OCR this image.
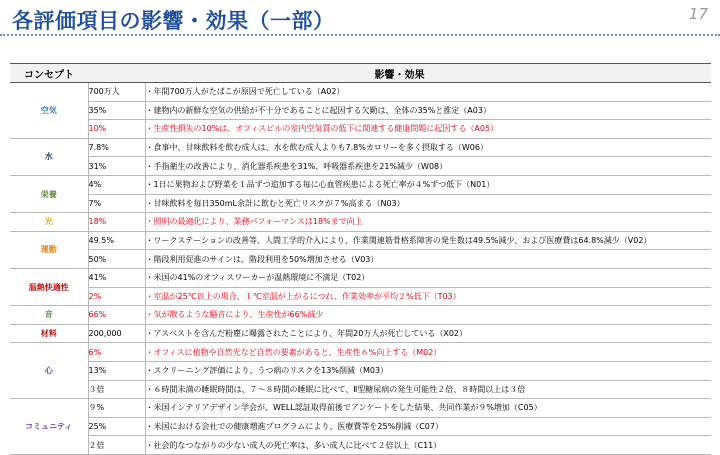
各評価項目の影響・効果（一部）	17
コンセプト	影響・効果	
空気	700万人	・年間700万人がたばこが原因で死亡している（A02）
	35%	・建物内の新鮮な空気の供給が不十分であることに起因する欠勤は、全体の35%と推定（A03）
	10%	・生産性損失の10%は、オフィスビルの室内空気質の低下に関連する健康問題に起因する（A05）
水	7.8%	・食事中、甘味飲料を飲む成人は、水を飲む成人よりも7.8%カロリーを多く摂取する（W06）
	31%	・手指衛生の改善により、消化器系疾患を31%、呼吸器系疾患を21%減少（W08）
栄養	4%	・1日に果物および野菜を１品ずつ追加する毎に心血管疾患による死亡率が４%ずつ低下（N01）
	7%	・甘味飲料を毎日350mL余計に飲むと死亡リスクが７%高まる（N03）
光	18%	・照明の最適化により、業務パフォーマンスは18%まで向上
運動	49.5%	・ワークステーションの改善等、人間工学的介入により、作業関連筋骨格系障害の発生数は49.5%減少、および医療費は64.8%減少（V02）
	50%	・階段利用促進のサインは、階段利用を50%増加させる（V03）
温熱快適性	41%	・米国の41%のオフィスワーカーが温熱環境に不満足（T02）
	2%	・室温が25℃以上の場合、１℃室温が上がるにつれ、作業効率が平均２%低下（T03）
音	66%	・気が散るような騒音により、生産性が66%減少
材料	200,000	・アスベストを含んだ粉塵に曝露されたことにより、年間20万人が死亡している（X02）
心	6%	・オフィスに植物や自然光など自然の要素があると、生産性６%向上する（M02）
	13%	・スクリーニング評価により、うつ病のリスクを13%削減（M03）
	３倍	・６時間未満の睡眠時間は、７～８時間の睡眠に比べて、Ⅱ型糖尿病の発生可能性２倍、８時間以上は３倍
コミュニティ	９%	・米国インテリアデザイン学会が、WELL認証取得前後でアンケートをした結果、共同作業が９%増加（C05）
	25%	・米国における会社での健康増進プログラムにより、医療費等を25%削減（C07）
	２倍	・社会的なつながりの少ない成人の死亡率は、多い成人に比べて２倍以上（C11）
